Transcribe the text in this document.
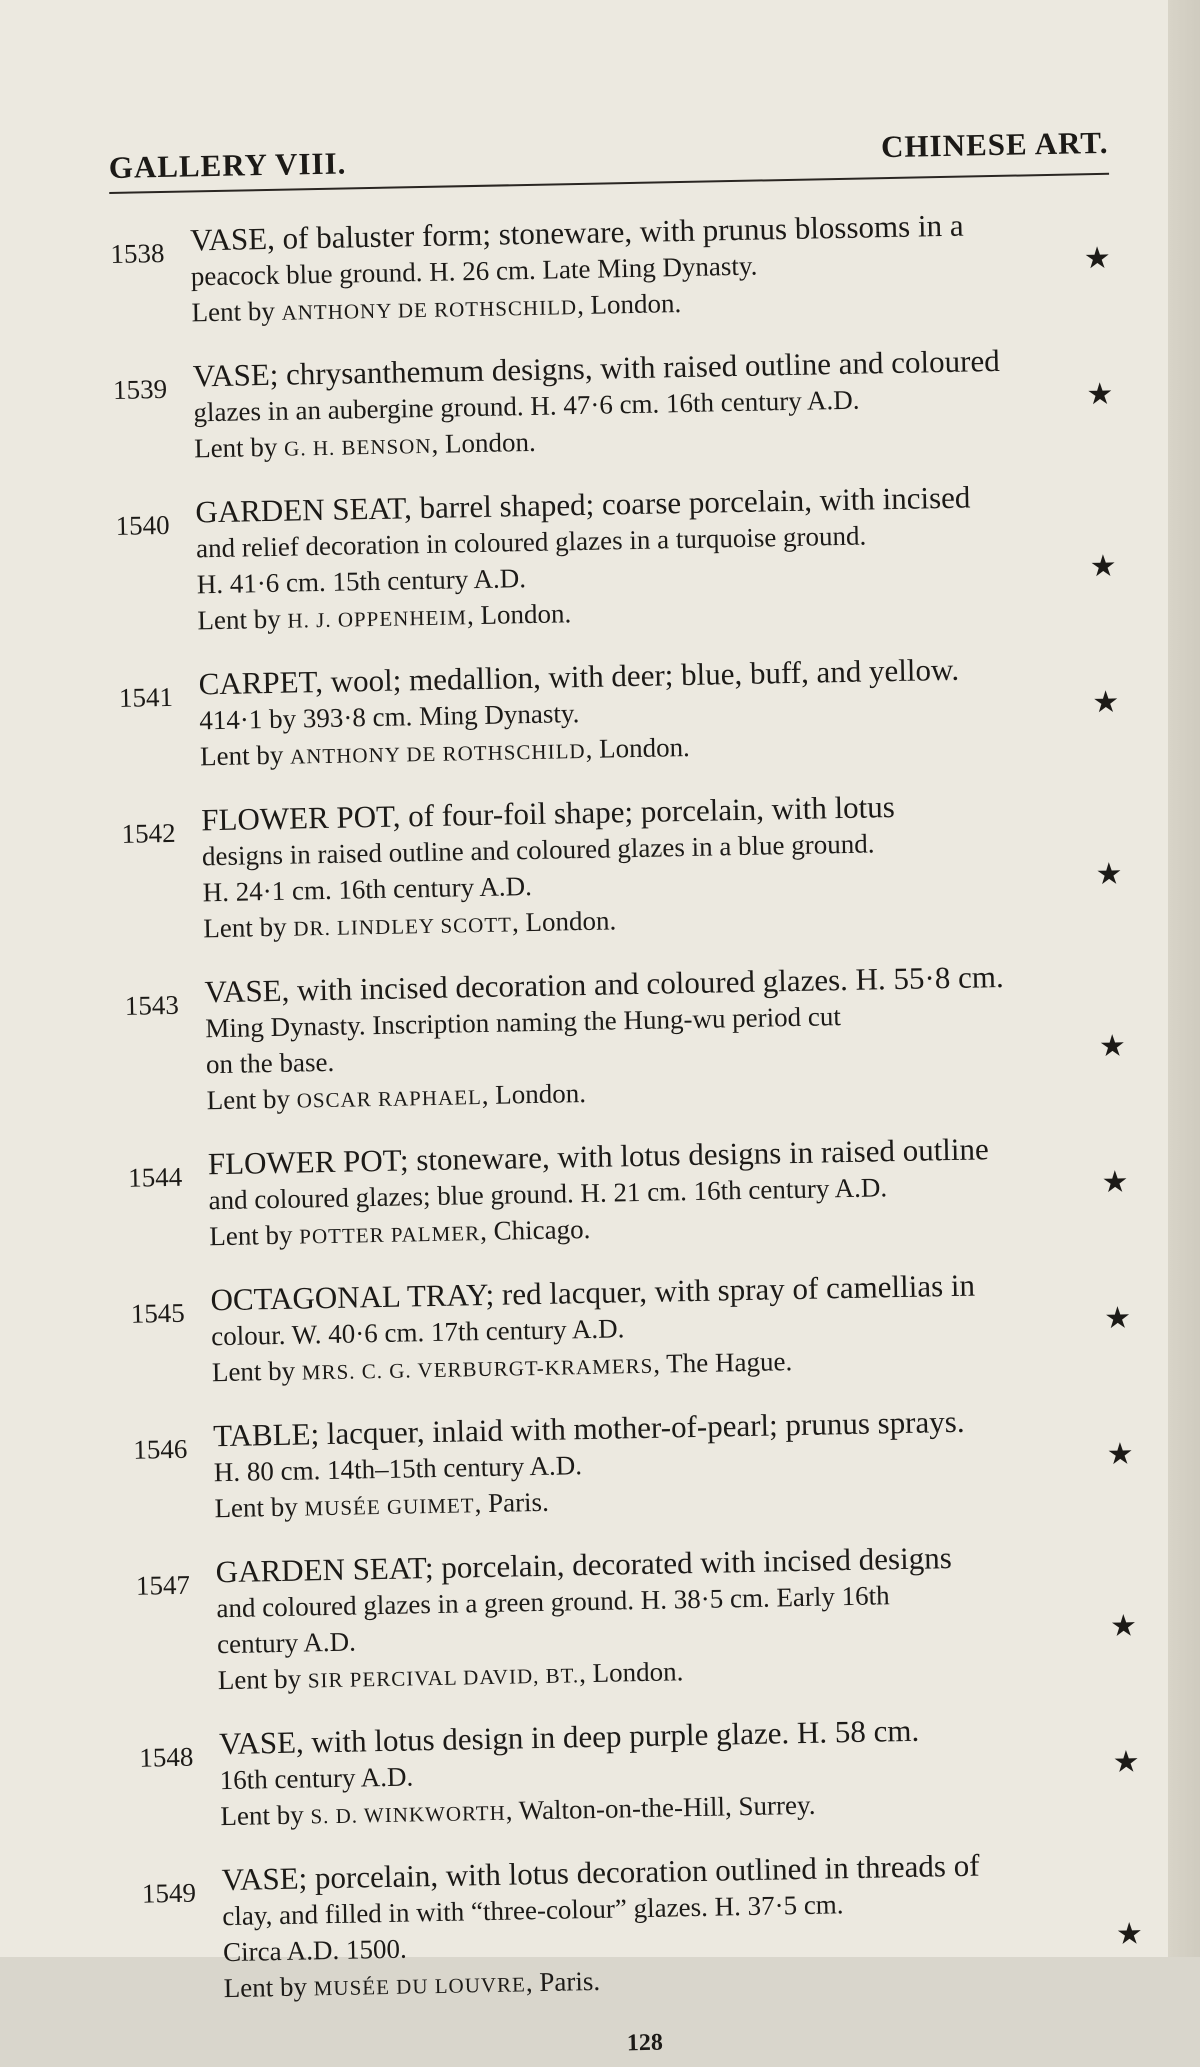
GALLERY VIII.
CHINESE ART.
1538 VASE, of baluster form; stoneware, with prunus blossoms in a
peacock blue ground. H. 26 cm. Late Ming Dynasty.	★
Lent by ANTHONY DE ROTHSCHILD, London.
1539 VASE; chrysanthemum designs, with raised outline and coloured
glazes in an aubergine ground. H. 47·6 cm. 16th century A.D.	★
Lent by G. H. BENSON, London.
1540 GARDEN SEAT, barrel shaped; coarse porcelain, with incised
and relief decoration in coloured glazes in a turquoise ground.
H. 41·6 cm. 15th century A.D.	★
Lent by H. J. OPPENHEIM, London.
1541 CARPET, wool; medallion, with deer; blue, buff, and yellow.
414·1 by 393·8 cm. Ming Dynasty.	★
Lent by ANTHONY DE ROTHSCHILD, London.
1542 FLOWER POT, of four-foil shape; porcelain, with lotus
designs in raised outline and coloured glazes in a blue ground.
H. 24·1 cm. 16th century A.D.	★
Lent by DR. LINDLEY SCOTT, London.
1543 VASE, with incised decoration and coloured glazes. H. 55·8 cm.
Ming Dynasty. Inscription naming the Hung-wu period cut
on the base.	★
Lent by OSCAR RAPHAEL, London.
1544 FLOWER POT; stoneware, with lotus designs in raised outline
and coloured glazes; blue ground. H. 21 cm. 16th century A.D.	★
Lent by POTTER PALMER, Chicago.
1545 OCTAGONAL TRAY; red lacquer, with spray of camellias in
colour. W. 40·6 cm. 17th century A.D.	★
Lent by MRS. C. G. VERBURGT-KRAMERS, The Hague.
1546 TABLE; lacquer, inlaid with mother-of-pearl; prunus sprays.
H. 80 cm. 14th–15th century A.D.	★
Lent by MUSÉE GUIMET, Paris.
1547 GARDEN SEAT; porcelain, decorated with incised designs
and coloured glazes in a green ground. H. 38·5 cm. Early 16th
century A.D.	★
Lent by SIR PERCIVAL DAVID, BT., London.
1548 VASE, with lotus design in deep purple glaze. H. 58 cm.
16th century A.D.	★
Lent by S. D. WINKWORTH, Walton-on-the-Hill, Surrey.
1549 VASE; porcelain, with lotus decoration outlined in threads of
clay, and filled in with “three-colour” glazes. H. 37·5 cm.
Circa A.D. 1500.	★
Lent by MUSÉE DU LOUVRE, Paris.
128
